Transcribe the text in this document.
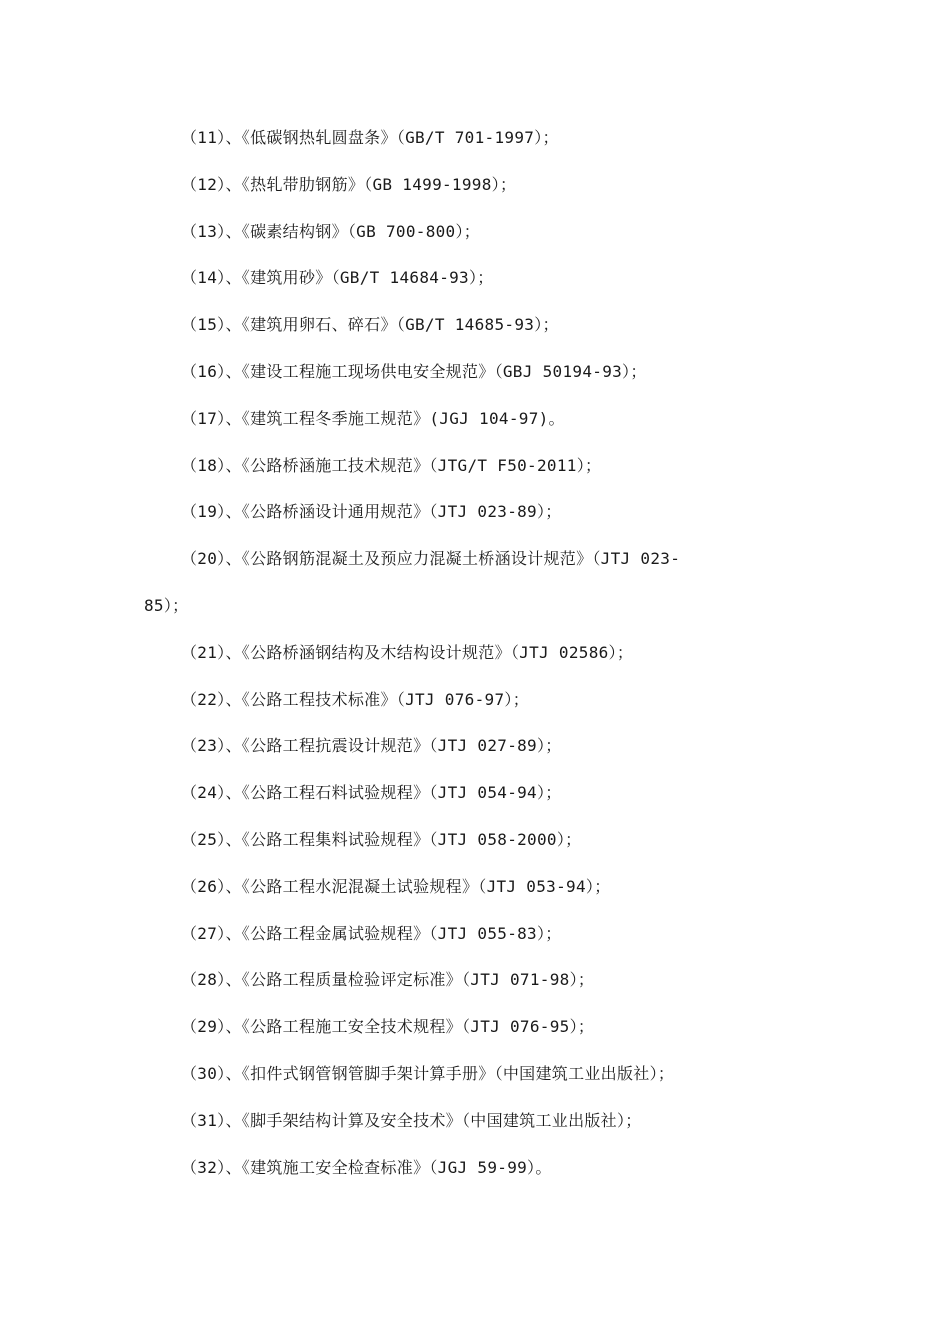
（11）、《低碳钢热轧圆盘条》（GB/T 701-1997）；
（12）、《热轧带肋钢筋》（GB 1499-1998）；
（13）、《碳素结构钢》（GB 700-800）；
（14）、《建筑用砂》（GB/T 14684-93）；
（15）、《建筑用卵石、碎石》（GB/T 14685-93）；
（16）、《建设工程施工现场供电安全规范》（GBJ 50194-93）；
（17）、《建筑工程冬季施工规范》(JGJ 104-97)。
（18）、《公路桥涵施工技术规范》（JTG/T F50-2011）；
（19）、《公路桥涵设计通用规范》（JTJ 023-89）；
（20）、《公路钢筋混凝土及预应力混凝土桥涵设计规范》（JTJ 023-
85）；
（21）、《公路桥涵钢结构及木结构设计规范》（JTJ 02586）；
（22）、《公路工程技术标准》（JTJ 076-97）；
（23）、《公路工程抗震设计规范》（JTJ 027-89）；
（24）、《公路工程石料试验规程》（JTJ 054-94）；
（25）、《公路工程集料试验规程》（JTJ 058-2000）；
（26）、《公路工程水泥混凝土试验规程》（JTJ 053-94）；
（27）、《公路工程金属试验规程》（JTJ 055-83）；
（28）、《公路工程质量检验评定标准》（JTJ 071-98）；
（29）、《公路工程施工安全技术规程》（JTJ 076-95）；
（30）、《扣件式钢管钢管脚手架计算手册》（中国建筑工业出版社）；
（31）、《脚手架结构计算及安全技术》（中国建筑工业出版社）；
（32）、《建筑施工安全检查标准》（JGJ 59-99）。
